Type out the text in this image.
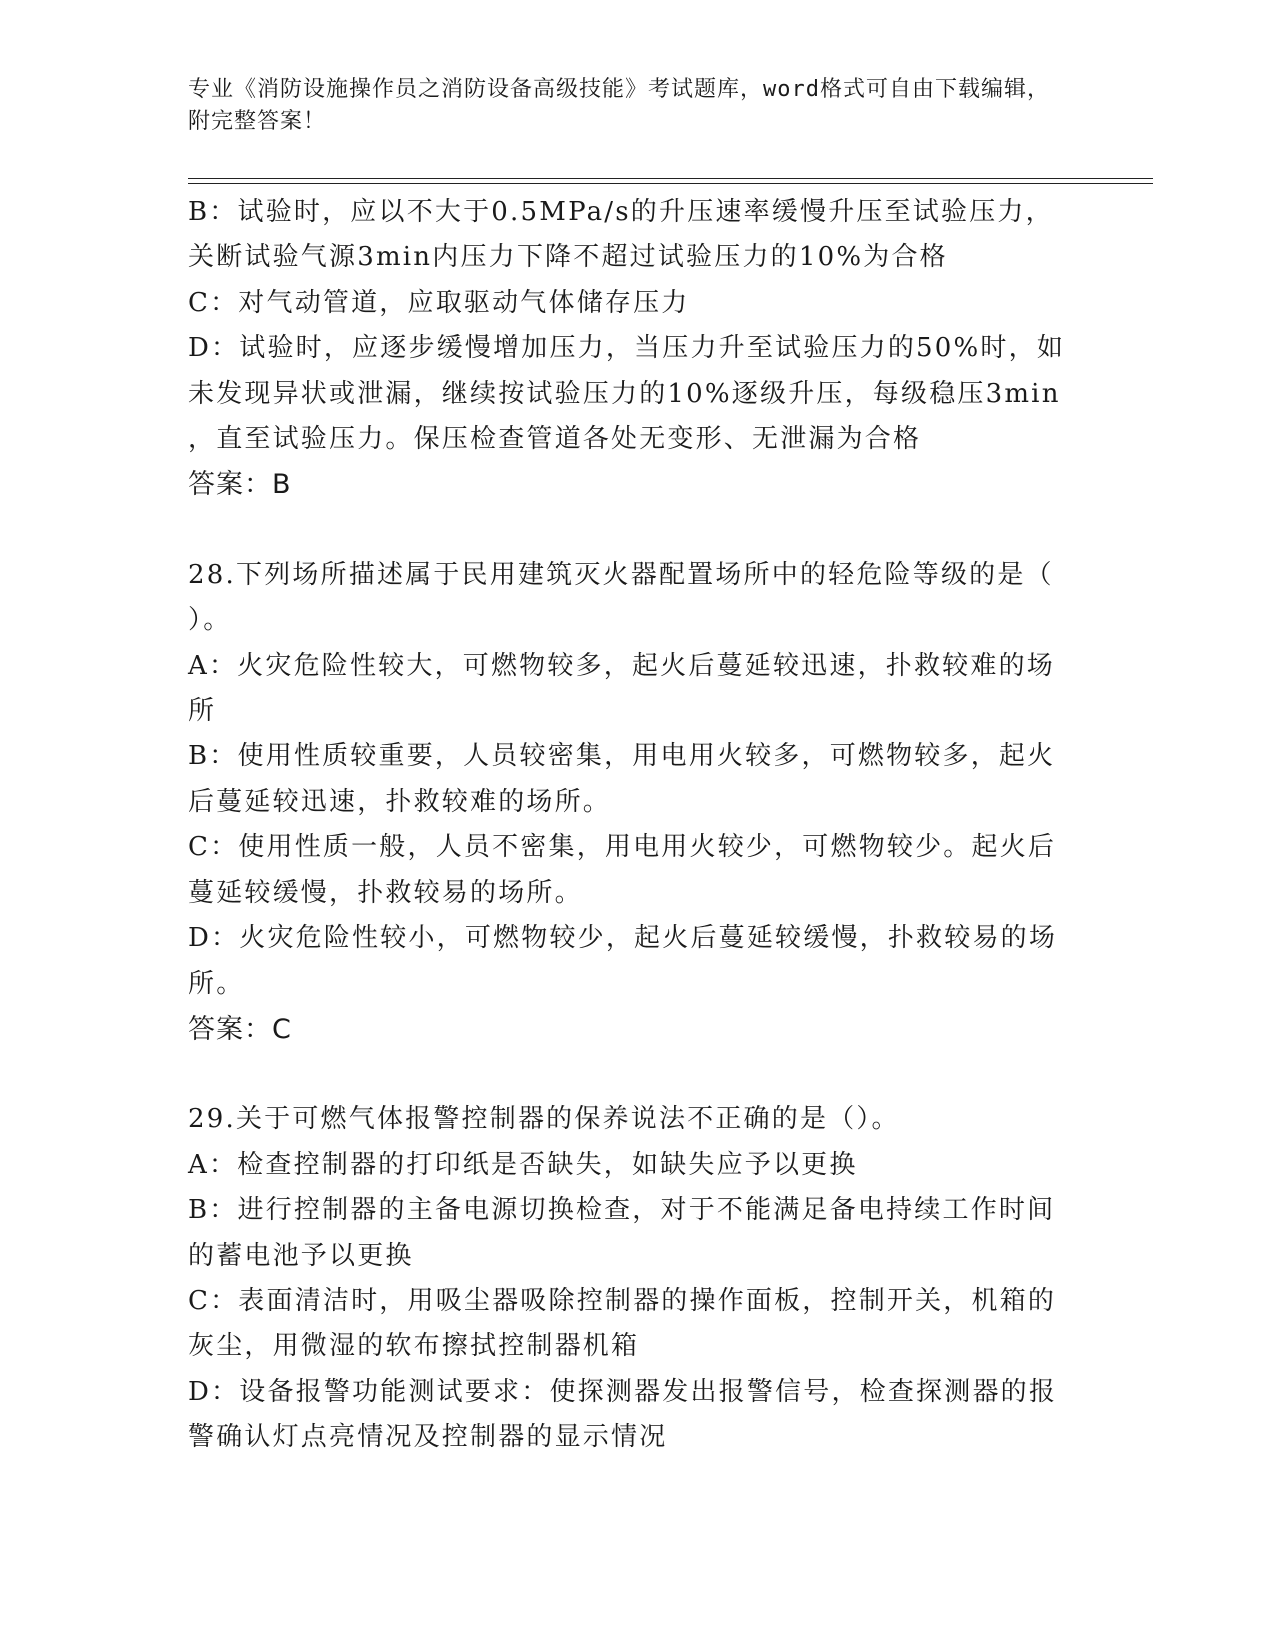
专业《消防设施操作员之消防设备高级技能》考试题库，word格式可自由下载编辑，附完整答案！
B：试验时，应以不大于0.5MPa/s的升压速率缓慢升压至试验压力，
关断试验气源3min内压力下降不超过试验压力的10%为合格
C：对气动管道，应取驱动气体储存压力
D：试验时，应逐步缓慢增加压力，当压力升至试验压力的50%时，如
未发现异状或泄漏，继续按试验压力的10%逐级升压，每级稳压3min
，直至试验压力。保压检查管道各处无变形、无泄漏为合格
答案：B
28.下列场所描述属于民用建筑灭火器配置场所中的轻危险等级的是（
）。
A：火灾危险性较大，可燃物较多，起火后蔓延较迅速，扑救较难的场
所
B：使用性质较重要，人员较密集，用电用火较多，可燃物较多，起火
后蔓延较迅速，扑救较难的场所。
C：使用性质一般，人员不密集，用电用火较少，可燃物较少。起火后
蔓延较缓慢，扑救较易的场所。
D：火灾危险性较小，可燃物较少，起火后蔓延较缓慢，扑救较易的场
所。
答案：C
29.关于可燃气体报警控制器的保养说法不正确的是（）。
A：检查控制器的打印纸是否缺失，如缺失应予以更换
B：进行控制器的主备电源切换检查，对于不能满足备电持续工作时间
的蓄电池予以更换
C：表面清洁时，用吸尘器吸除控制器的操作面板，控制开关，机箱的
灰尘，用微湿的软布擦拭控制器机箱
D：设备报警功能测试要求：使探测器发出报警信号，检查探测器的报
警确认灯点亮情况及控制器的显示情况
